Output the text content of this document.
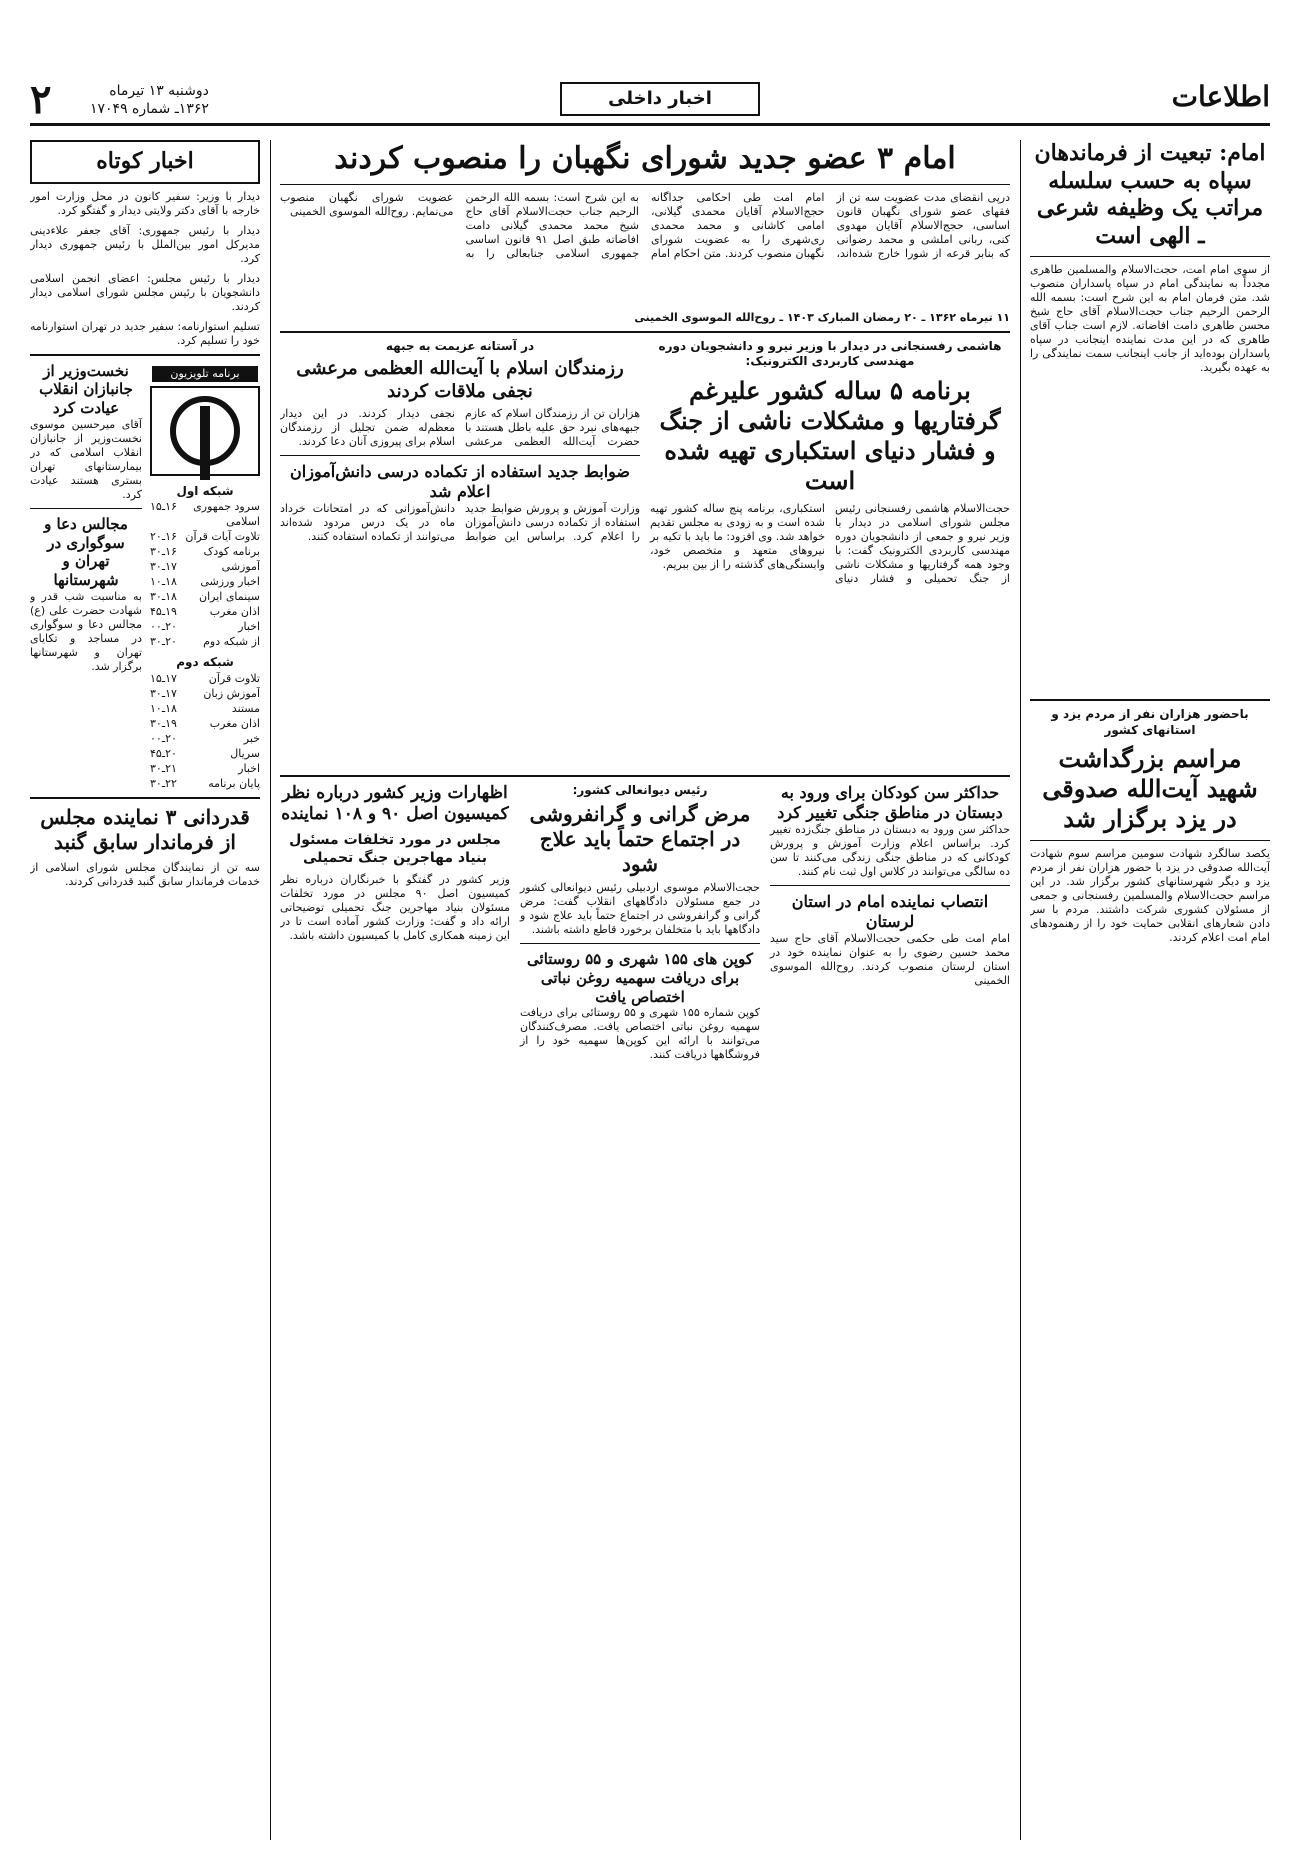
اطلاعات
اخبار داخلی
۲	دوشنبه ۱۳ تیرماه
۱۳۶۲ـ شماره ۱۷۰۴۹
امام: تبعیت از فرماندهان سپاه به حسب سلسله مراتب یک وظیفه شرعی ـ الهی است
از سوی امام امت، حجت‌الاسلام والمسلمین طاهری مجدداً به نمایندگی امام در سپاه پاسداران منصوب شد. متن فرمان امام به این شرح است: بسمه الله الرحمن الرحیم جناب حجت‌الاسلام آقای حاج شیخ محسن طاهری دامت افاضاته. لازم است جناب آقای طاهری که در این مدت نماینده اینجانب در سپاه پاسداران بوده‌اید از جانب اینجانب سمت نمایندگی را به عهده بگیرید.
باحضور هزاران نفر از مردم یزد و استانهای کشور
مراسم بزرگداشت شهید آیت‌الله صدوقی در یزد برگزار شد
یکصد سالگرد شهادت سومین مراسم سوم شهادت آیت‌الله صدوقی در یزد با حضور هزاران نفر از مردم یزد و دیگر شهرستانهای کشور برگزار شد. در این مراسم حجت‌الاسلام والمسلمین رفسنجانی و جمعی از مسئولان کشوری شرکت داشتند. مردم با سر دادن شعارهای انقلابی حمایت خود را از رهنمودهای امام امت اعلام کردند.
امام ۳ عضو جدید شورای نگهبان را منصوب کردند
درپی انقضای مدت عضویت سه تن از فقهای عضو شورای نگهبان قانون اساسی، حجج‌الاسلام آقایان مهدوی کنی، ربانی املشی و محمد رضوانی که بنابر قرعه از شورا خارج شده‌اند، امام امت طی احکامی جداگانه حجج‌الاسلام آقایان محمدی گیلانی، امامی کاشانی و محمد محمدی ری‌شهری را به عضویت شورای نگهبان منصوب کردند. متن احکام امام به این شرح است: بسمه الله الرحمن الرحیم جناب حجت‌الاسلام آقای حاج شیخ محمد محمدی گیلانی دامت افاضاته طبق اصل ۹۱ قانون اساسی جمهوری اسلامی جنابعالی را به عضویت شورای نگهبان منصوب می‌نمایم. روح‌الله الموسوی الخمینی
۱۱ تیرماه ۱۳۶۲ ـ ۲۰ رمضان المبارک ۱۴۰۳ ـ روح‌الله الموسوی الخمینی
هاشمی رفسنجانی در دیدار با وزیر نیرو و دانشجویان دوره مهندسی کاربردی الکترونیک:
برنامه ۵ ساله کشور علیرغم گرفتاریها و مشکلات ناشی از جنگ و فشار دنیای استکباری تهیه شده است
حجت‌الاسلام هاشمی رفسنجانی رئیس مجلس شورای اسلامی در دیدار با وزیر نیرو و جمعی از دانشجویان دوره مهندسی کاربردی الکترونیک گفت: با وجود همه گرفتاریها و مشکلات ناشی از جنگ تحمیلی و فشار دنیای استکباری، برنامه پنج ساله کشور تهیه شده است و به زودی به مجلس تقدیم خواهد شد. وی افزود: ما باید با تکیه بر نیروهای متعهد و متخصص خود، وابستگی‌های گذشته را از بین ببریم.
در آستانه عزیمت به جبهه
رزمندگان اسلام با آیت‌الله العظمی مرعشی نجفی ملاقات کردند
هزاران تن از رزمندگان اسلام که عازم جبهه‌های نبرد حق علیه باطل هستند با حضرت آیت‌الله العظمی مرعشی نجفی دیدار کردند. در این دیدار معظم‌له ضمن تجلیل از رزمندگان اسلام برای پیروزی آنان دعا کردند.
ضوابط جدید استفاده از تکماده درسی دانش‌آموزان اعلام شد
وزارت آموزش و پرورش ضوابط جدید استفاده از تکماده درسی دانش‌آموزان را اعلام کرد. براساس این ضوابط دانش‌آموزانی که در امتحانات خرداد ماه در یک درس مردود شده‌اند می‌توانند از تکماده استفاده کنند.
حداکثر سن کودکان برای ورود به دبستان در مناطق جنگی تغییر کرد
حداکثر سن ورود به دبستان در مناطق جنگ‌زده تغییر کرد. براساس اعلام وزارت آموزش و پرورش کودکانی که در مناطق جنگی زندگی می‌کنند تا سن ده سالگی می‌توانند در کلاس اول ثبت نام کنند.
انتصاب نماینده امام در استان لرستان
امام امت طی حکمی حجت‌الاسلام آقای حاج سید محمد حسین رضوی را به عنوان نماینده خود در استان لرستان منصوب کردند. روح‌الله الموسوی الخمینی
رئیس دیوانعالی کشور:
مرض گرانی و گرانفروشی در اجتماع حتماً باید علاج شود
حجت‌الاسلام موسوی اردبیلی رئیس دیوانعالی کشور در جمع مسئولان دادگاههای انقلاب گفت: مرض گرانی و گرانفروشی در اجتماع حتماً باید علاج شود و دادگاهها باید با متخلفان برخورد قاطع داشته باشند.
کوپن های ۱۵۵ شهری و ۵۵ روستائی برای دریافت سهمیه روغن نباتی اختصاص یافت
کوپن شماره ۱۵۵ شهری و ۵۵ روستائی برای دریافت سهمیه روغن نباتی اختصاص یافت. مصرف‌کنندگان می‌توانند با ارائه این کوپن‌ها سهمیه خود را از فروشگاهها دریافت کنند.
اظهارات وزیر کشور درباره نظر کمیسیون اصل ۹۰ و ۱۰۸ نماینده
مجلس در مورد تخلفات مسئول
بنیاد مهاجرین جنگ تحمیلی
وزیر کشور در گفتگو با خبرنگاران درباره نظر کمیسیون اصل ۹۰ مجلس در مورد تخلفات مسئولان بنیاد مهاجرین جنگ تحمیلی توضیحاتی ارائه داد و گفت: وزارت کشور آماده است تا در این زمینه همکاری کامل با کمیسیون داشته باشد.
اخبار کوتاه
دیدار با وزیر: سفیر کانون در محل وزارت امور خارجه با آقای دکتر ولایتی دیدار و گفتگو کرد.
دیدار با رئیس جمهوری: آقای جعفر علاء‌دینی مدیرکل امور بین‌الملل با رئیس جمهوری دیدار کرد.
دیدار با رئیس مجلس: اعضای انجمن اسلامی دانشجویان با رئیس مجلس شورای اسلامی دیدار کردند.
تسلیم استوارنامه: سفیر جدید در تهران استوارنامه خود را تسلیم کرد.
برنامه تلویزیون
شبکه اول
سرود جمهوری اسلامی
۱۶ـ۱۵
تلاوت آیات قرآن
۱۶ـ۲۰
برنامه کودک
۱۶ـ۳۰
آموزشی
۱۷ـ۳۰
اخبار ورزشی
۱۸ـ۱۰
سینمای ایران
۱۸ـ۳۰
اذان مغرب
۱۹ـ۴۵
اخبار
۲۰ـ۰۰
از شبکه دوم
۲۰ـ۳۰
شبکه دوم
تلاوت قرآن
۱۷ـ۱۵
آموزش زبان
۱۷ـ۳۰
مستند
۱۸ـ۱۰
اذان مغرب
۱۹ـ۳۰
خبر
۲۰ـ۰۰
سریال
۲۰ـ۴۵
اخبار
۲۱ـ۳۰
پایان برنامه
۲۲ـ۳۰
نخست‌وزیر از جانبازان انقلاب عیادت کرد
آقای میرحسین موسوی نخست‌وزیر از جانبازان انقلاب اسلامی که در بیمارستانهای تهران بستری هستند عیادت کرد.
مجالس دعا و سوگواری در تهران و شهرستانها
به مناسبت شب قدر و شهادت حضرت علی (ع) مجالس دعا و سوگواری در مساجد و تکایای تهران و شهرستانها برگزار شد.
قدردانی ۳ نماینده مجلس از فرماندار سابق گنبد
سه تن از نمایندگان مجلس شورای اسلامی از خدمات فرماندار سابق گنبد قدردانی کردند.
